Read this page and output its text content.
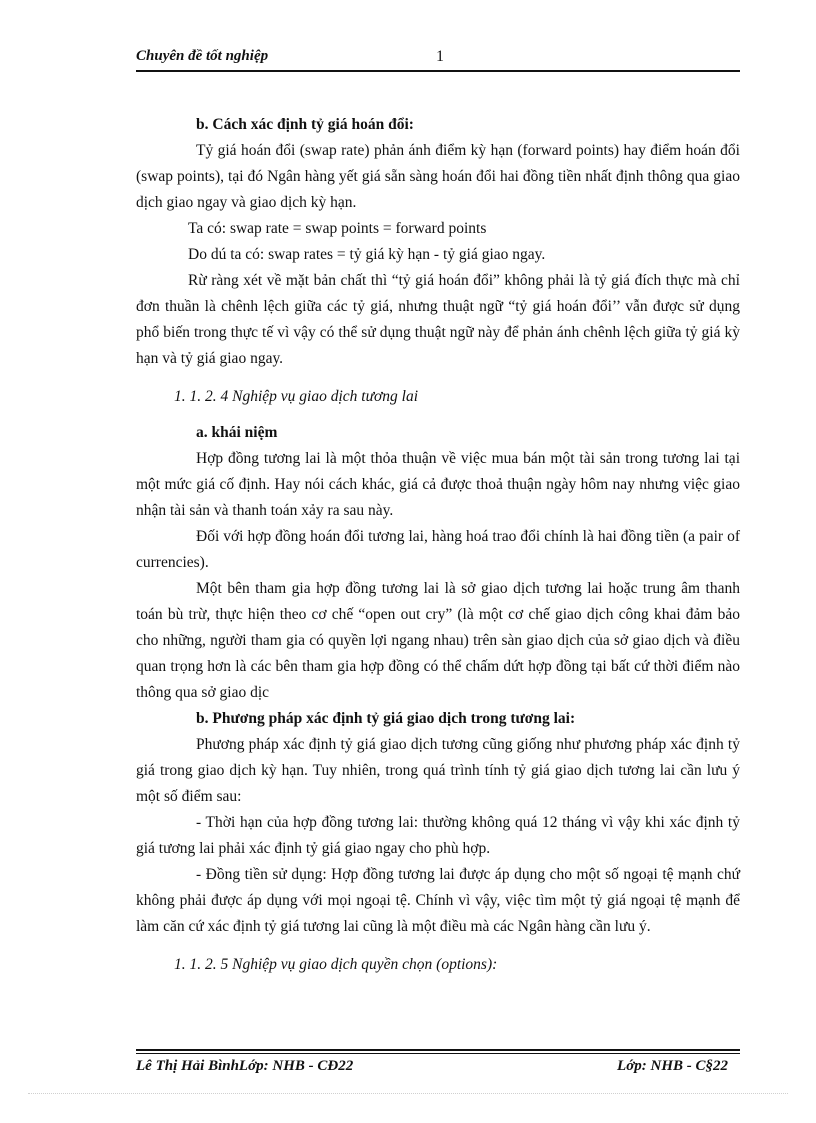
Chuyên đề tốt nghiệp	1

b. Cách xác định tỷ giá hoán đổi:

Tỷ giá hoán đổi (swap rate) phản ánh điểm kỳ hạn (forward points) hay điểm hoán đổi (swap points), tại đó Ngân hàng yết giá sẵn sàng hoán đổi hai đồng tiền nhất định thông qua giao dịch giao ngay và giao dịch kỳ hạn.

Ta có: swap rate = swap points = forward points

Do dú ta có: swap rates = tỷ giá kỳ hạn - tỷ giá giao ngay.

Rừ ràng xét về mặt bản chất thì “tỷ giá hoán đổi” không phải là tỷ giá đích thực mà chỉ đơn thuần là chênh lệch giữa các tỷ giá, nhưng thuật ngữ “tỷ giá hoán đổi’’ vẫn được sử dụng phổ biến trong thực tế vì vậy có thể sử dụng thuật ngữ này để phản ánh chênh lệch giữa tỷ giá kỳ hạn và tỷ giá giao ngay.

1. 1. 2. 4 Nghiệp vụ giao dịch tương lai

a. khái niệm

Hợp đồng tương lai là một thỏa thuận về việc mua bán một tài sản trong tương lai tại một mức giá cố định. Hay nói cách khác, giá cả được thoả thuận ngày hôm nay nhưng việc giao nhận tài sản và thanh toán xảy ra sau này.

Đối với hợp đồng hoán đổi tương lai, hàng hoá trao đổi chính là hai đồng tiền (a pair of currencies).

Một bên tham gia hợp đồng tương lai là sở giao dịch tương lai hoặc trung âm thanh toán bù trừ, thực hiện theo cơ chế “open out cry” (là một cơ chế giao dịch công khai đảm bảo cho những, người tham gia có quyền lợi ngang nhau) trên sàn giao dịch của sở giao dịch và điều quan trọng hơn là các bên tham gia hợp đồng có thể chấm dứt hợp đồng tại bất cứ thời điểm nào thông qua sở giao dịc

b. Phương pháp xác định tỷ giá giao dịch trong tương lai:

Phương pháp xác định tỷ giá giao dịch tương cũng giống như phương pháp xác định tỷ giá trong giao dịch kỳ hạn. Tuy nhiên, trong quá trình tính tỷ giá giao dịch tương lai cần lưu ý một số điểm sau:

- Thời hạn của hợp đồng tương lai: thường không quá 12 tháng vì vậy khi xác định tỷ giá tương lai phải xác định tỷ giá giao ngay cho phù hợp.

- Đồng tiền sử dụng: Hợp đồng tương lai được áp dụng cho một số ngoại tệ mạnh chứ không phải được áp dụng với mọi ngoại tệ. Chính vì vậy, việc tìm một tỷ giá ngoại tệ mạnh để làm căn cứ xác định tỷ giá tương lai cũng là một điều mà các Ngân hàng cần lưu ý.

1. 1. 2. 5 Nghiệp vụ giao dịch quyền chọn (options):

Lê Thị Hải BìnhLớp: NHB - CĐ22	Lớp: NHB - C§22
